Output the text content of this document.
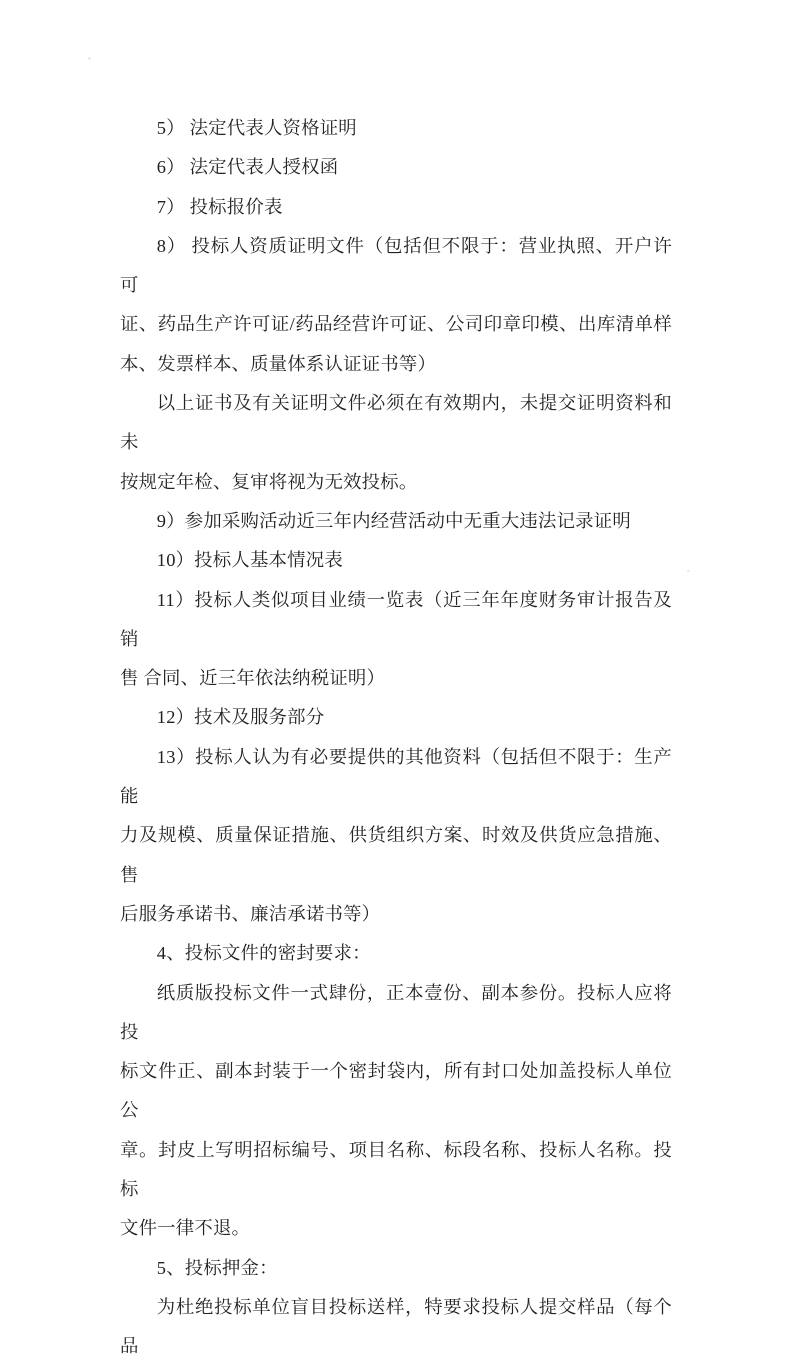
5） 法定代表人资格证明
6） 法定代表人授权函
7） 投标报价表
8） 投标人资质证明文件（包括但不限于：营业执照、开户许可
证、药品生产许可证/药品经营许可证、公司印章印模、出库清单样
本、发票样本、质量体系认证证书等）
以上证书及有关证明文件必须在有效期内，未提交证明资料和未
按规定年检、复审将视为无效投标。
9）参加采购活动近三年内经营活动中无重大违法记录证明
10）投标人基本情况表
11）投标人类似项目业绩一览表（近三年年度财务审计报告及销
售 合同、近三年依法纳税证明）
12）技术及服务部分
13）投标人认为有必要提供的其他资料（包括但不限于：生产能
力及规模、质量保证措施、供货组织方案、时效及供货应急措施、售
后服务承诺书、廉洁承诺书等）
4、投标文件的密封要求：
纸质版投标文件一式肆份，正本壹份、副本参份。投标人应将投
标文件正、副本封装于一个密封袋内，所有封口处加盖投标人单位公
章。封皮上写明招标编号、项目名称、标段名称、投标人名称。投标
文件一律不退。
5、投标押金：
为杜绝投标单位盲目投标送样，特要求投标人提交样品（每个品
